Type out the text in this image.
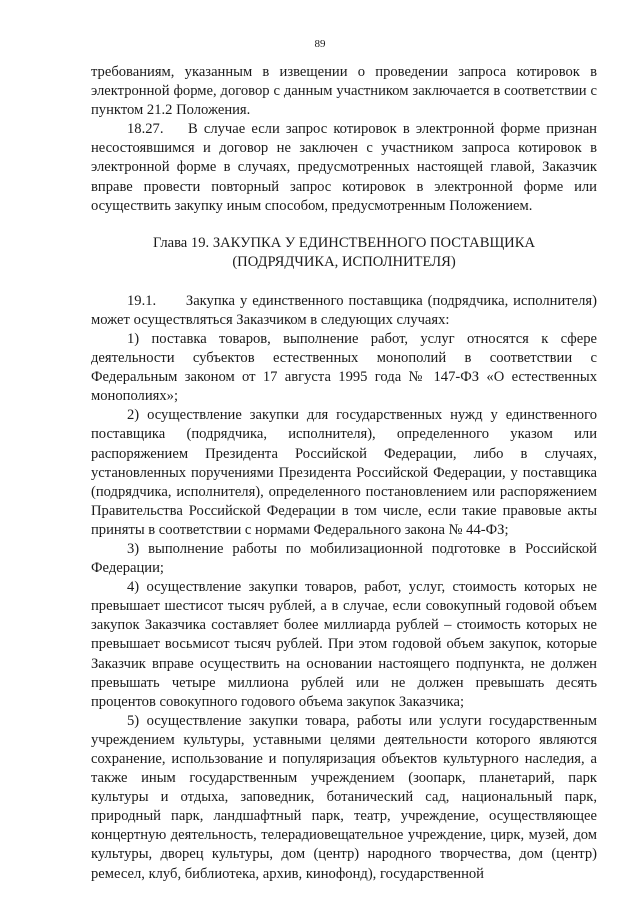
89

требованиям, указанным в извещении о проведении запроса котировок в электронной форме, договор с данным участником заключается в соответствии с пунктом 21.2 Положения.

18.27.    В случае если запрос котировок в электронной форме признан несостоявшимся и договор не заключен с участником запроса котировок в электронной форме в случаях, предусмотренных настоящей главой, Заказчик вправе провести повторный запрос котировок в электронной форме или осуществить закупку иным способом, предусмотренным Положением.

Глава 19. ЗАКУПКА У ЕДИНСТВЕННОГО ПОСТАВЩИКА
(ПОДРЯДЧИКА, ИСПОЛНИТЕЛЯ)

19.1.      Закупка у единственного поставщика (подрядчика, исполнителя) может осуществляться Заказчиком в следующих случаях:

1) поставка товаров, выполнение работ, услуг относятся к сфере деятельности субъектов естественных монополий в соответствии с Федеральным законом от 17 августа 1995 года № 147-ФЗ «О естественных монополиях»;

2) осуществление закупки для государственных нужд у единственного поставщика (подрядчика, исполнителя), определенного указом или распоряжением Президента Российской Федерации, либо в случаях, установленных поручениями Президента Российской Федерации, у поставщика (подрядчика, исполнителя), определенного постановлением или распоряжением Правительства Российской Федерации в том числе, если такие правовые акты приняты в соответствии с нормами Федерального закона № 44-ФЗ;

3) выполнение работы по мобилизационной подготовке в Российской Федерации;

4) осуществление закупки товаров, работ, услуг, стоимость которых не превышает шестисот тысяч рублей, а в случае, если совокупный годовой объем закупок Заказчика составляет более миллиарда рублей – стоимость которых не превышает восьмисот тысяч рублей. При этом годовой объем закупок, которые Заказчик вправе осуществить на основании настоящего подпункта, не должен превышать четыре миллиона рублей или не должен превышать десять процентов совокупного годового объема закупок Заказчика;

5) осуществление закупки товара, работы или услуги государственным учреждением культуры, уставными целями деятельности которого являются сохранение, использование и популяризация объектов культурного наследия, а также иным государственным учреждением (зоопарк, планетарий, парк культуры и отдыха, заповедник, ботанический сад, национальный парк, природный парк, ландшафтный парк, театр, учреждение, осуществляющее концертную деятельность, телерадиовещательное учреждение, цирк, музей, дом культуры, дворец культуры, дом (центр) народного творчества, дом (центр) ремесел, клуб, библиотека, архив, кинофонд), государственной
